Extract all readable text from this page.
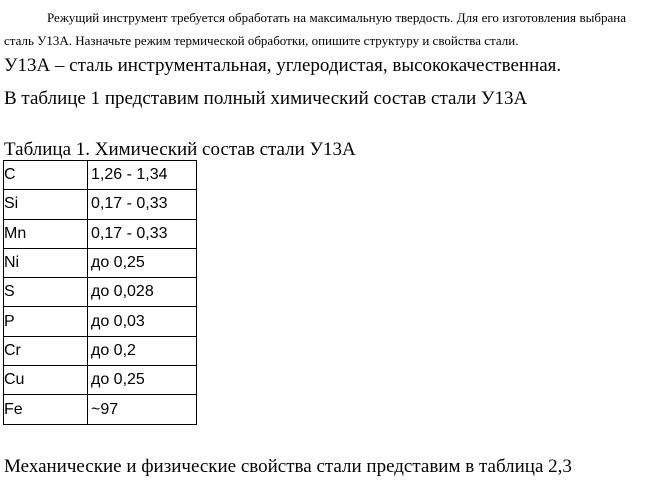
Режущий инструмент требуется обработать на максимальную твердость. Для его изготовления выбрана сталь У13А. Назначьте режим термической обработки, опишите структуру и свойства стали.

У13А – сталь инструментальная, углеродистая, высококачественная.

В таблице 1 представим полный химический состав стали У13А

Таблица 1. Химический состав стали У13А

C	1,26 - 1,34
Si	0,17 - 0,33
Mn	0,17 - 0,33
Ni	до 0,25
S	до 0,028
P	до 0,03
Cr	до 0,2
Cu	до 0,25
Fe	~97

Механические и физические свойства стали представим в таблица 2,3
